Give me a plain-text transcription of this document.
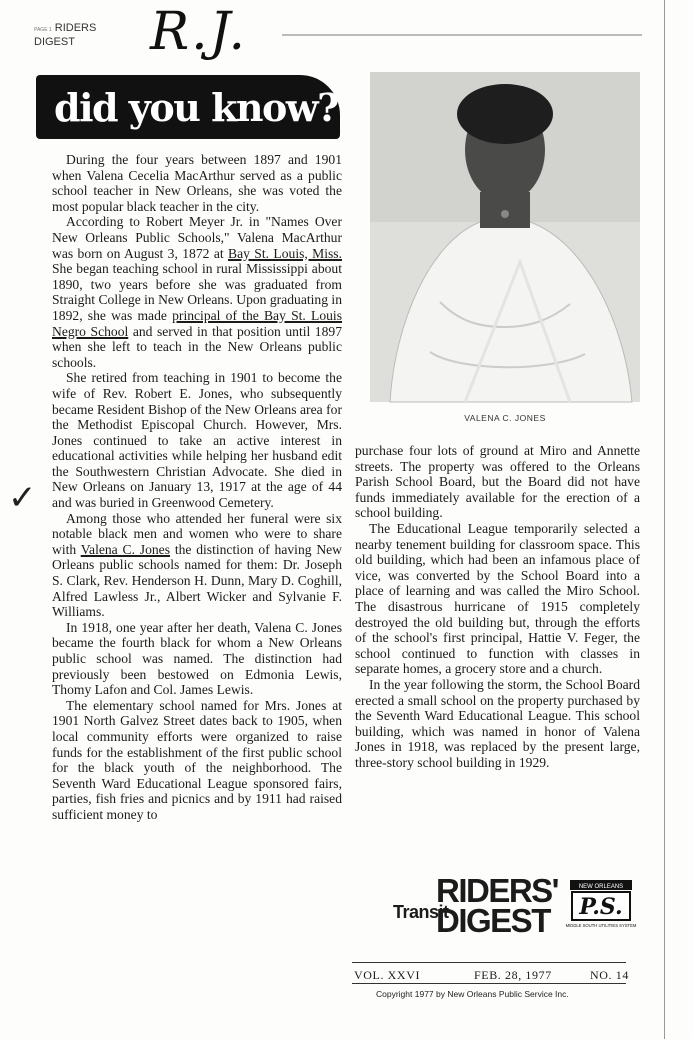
PAGE 1 RIDERS
DIGEST	R.J.
did you know?

During the four years between 1897 and 1901 when Valena Cecelia MacArthur served as a public school teacher in New Orleans, she was voted the most popular black teacher in the city.

According to Robert Meyer Jr. in "Names Over New Orleans Public Schools," Valena MacArthur was born on August 3, 1872 at Bay St. Louis, Miss. She began teaching school in rural Mississippi about 1890, two years before she was graduated from Straight College in New Orleans. Upon graduating in 1892, she was made principal of the Bay St. Louis Negro School and served in that position until 1897 when she left to teach in the New Orleans public schools.

She retired from teaching in 1901 to become the wife of Rev. Robert E. Jones, who subsequently became Resident Bishop of the New Orleans area for the Methodist Episcopal Church. However, Mrs. Jones continued to take an active interest in educational activities while helping her husband edit the Southwestern Christian Advocate. She died in New Orleans on January 13, 1917 at the age of 44 and was buried in Greenwood Cemetery.

Among those who attended her funeral were six notable black men and women who were to share with Valena C. Jones the distinction of having New Orleans public schools named for them: Dr. Joseph S. Clark, Rev. Henderson H. Dunn, Mary D. Coghill, Alfred Lawless Jr., Albert Wicker and Sylvanie F. Williams.

In 1918, one year after her death, Valena C. Jones became the fourth black for whom a New Orleans public school was named. The distinction had previously been bestowed on Edmonia Lewis, Thomy Lafon and Col. James Lewis.

The elementary school named for Mrs. Jones at 1901 North Galvez Street dates back to 1905, when local community efforts were organized to raise funds for the establishment of the first public school for the black youth of the neighborhood. The Seventh Ward Educational League sponsored fairs, parties, fish fries and picnics and by 1911 had raised sufficient money to

✓
VALENA C. JONES

purchase four lots of ground at Miro and Annette streets. The property was offered to the Orleans Parish School Board, but the Board did not have funds immediately available for the erection of a school building.

The Educational League temporarily selected a nearby tenement building for classroom space. This old building, which had been an infamous place of vice, was converted by the School Board into a place of learning and was called the Miro School. The disastrous hurricane of 1915 completely destroyed the old building but, through the efforts of the school's first principal, Hattie V. Feger, the school continued to function with classes in separate homes, a grocery store and a church.

In the year following the storm, the School Board erected a small school on the property purchased by the Seventh Ward Educational League. This school building, which was named in honor of Valena Jones in 1918, was replaced by the present large, three-story school building in 1929.

Transit
RIDERS'
DIGEST
NEW ORLEANS
P.S.
MIDDLE SOUTH UTILITIES SYSTEM
VOL. XXVI	FEB. 28, 1977	NO. 14
Copyright 1977 by New Orleans Public Service Inc.
